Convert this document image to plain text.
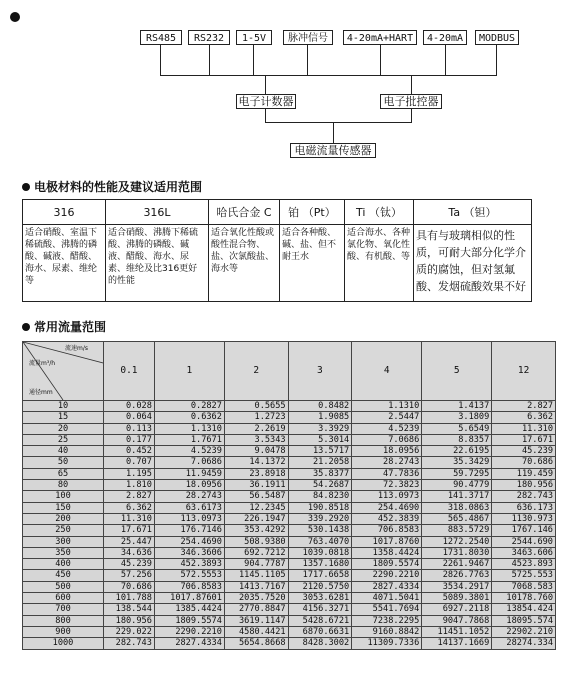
RS485	RS232	1-5V	脉冲信号	4-20mA+HART	4-20mA	MODBUS
电子计数器	电子批控器
电磁流量传感器
电极材料的性能及建议适用范围
316	316L	哈氏合金 C	铂 （Pt）	Ti （钛）	Ta （钽）
适合硝酸、室温下稀硫酸、沸腾的磷酸、碱液、醋酸、海水、尿素、维纶等	适合硝酸、沸腾下稀硫酸、沸腾的磷酸、碱液、醋酸、海水、尿素、维纶及比316更好的性能	适合氧化性酸或酸性混合物、盐、次氯酸盐、海水等	适合各种酸、碱、盐、但不耐王水	适合海水、各种氯化物、氧化性酸、有机酸、等	具有与玻璃相似的性质，可耐大部分化学介质的腐蚀，但对氢氟酸、发烟硫酸效果不好
常用流量范围
流速m/s
流量m³/h
通径mm	0.1	1	2	3	4	5	12
10	0.028	0.2827	0.5655	0.8482	1.1310	1.4137	2.827
15	0.064	0.6362	1.2723	1.9085	2.5447	3.1809	6.362
20	0.113	1.1310	2.2619	3.3929	4.5239	5.6549	11.310
25	0.177	1.7671	3.5343	5.3014	7.0686	8.8357	17.671
40	0.452	4.5239	9.0478	13.5717	18.0956	22.6195	45.239
50	0.707	7.0686	14.1372	21.2058	28.2743	35.3429	70.686
65	1.195	11.9459	23.8918	35.8377	47.7836	59.7295	119.459
80	1.810	18.0956	36.1911	54.2687	72.3823	90.4779	180.956
100	2.827	28.2743	56.5487	84.8230	113.0973	141.3717	282.743
150	6.362	63.6173	12.2345	190.8518	254.4690	318.0863	636.173
200	11.310	113.0973	226.1947	339.2920	452.3839	565.4867	1130.973
250	17.671	176.7146	353.4292	530.1438	706.8583	883.5729	1767.146
300	25.447	254.4690	508.9380	763.4070	1017.8760	1272.2540	2544.690
350	34.636	346.3606	692.7212	1039.0818	1358.4424	1731.8030	3463.606
400	45.239	452.3893	904.7787	1357.1680	1809.5574	2261.9467	4523.893
450	57.256	572.5553	1145.1105	1717.6658	2290.2210	2826.7763	5725.553
500	70.686	706.8583	1413.7167	2120.5750	2827.4334	3534.2917	7068.583
600	101.788	1017.87601	2035.7520	3053.6281	4071.5041	5089.3801	10178.760
700	138.544	1385.4424	2770.8847	4156.3271	5541.7694	6927.2118	13854.424
800	180.956	1809.5574	3619.1147	5428.6721	7238.2295	9047.7868	18095.574
900	229.022	2290.2210	4580.4421	6870.6631	9160.8842	11451.1052	22902.210
1000	282.743	2827.4334	5654.8668	8428.3002	11309.7336	14137.1669	28274.334
